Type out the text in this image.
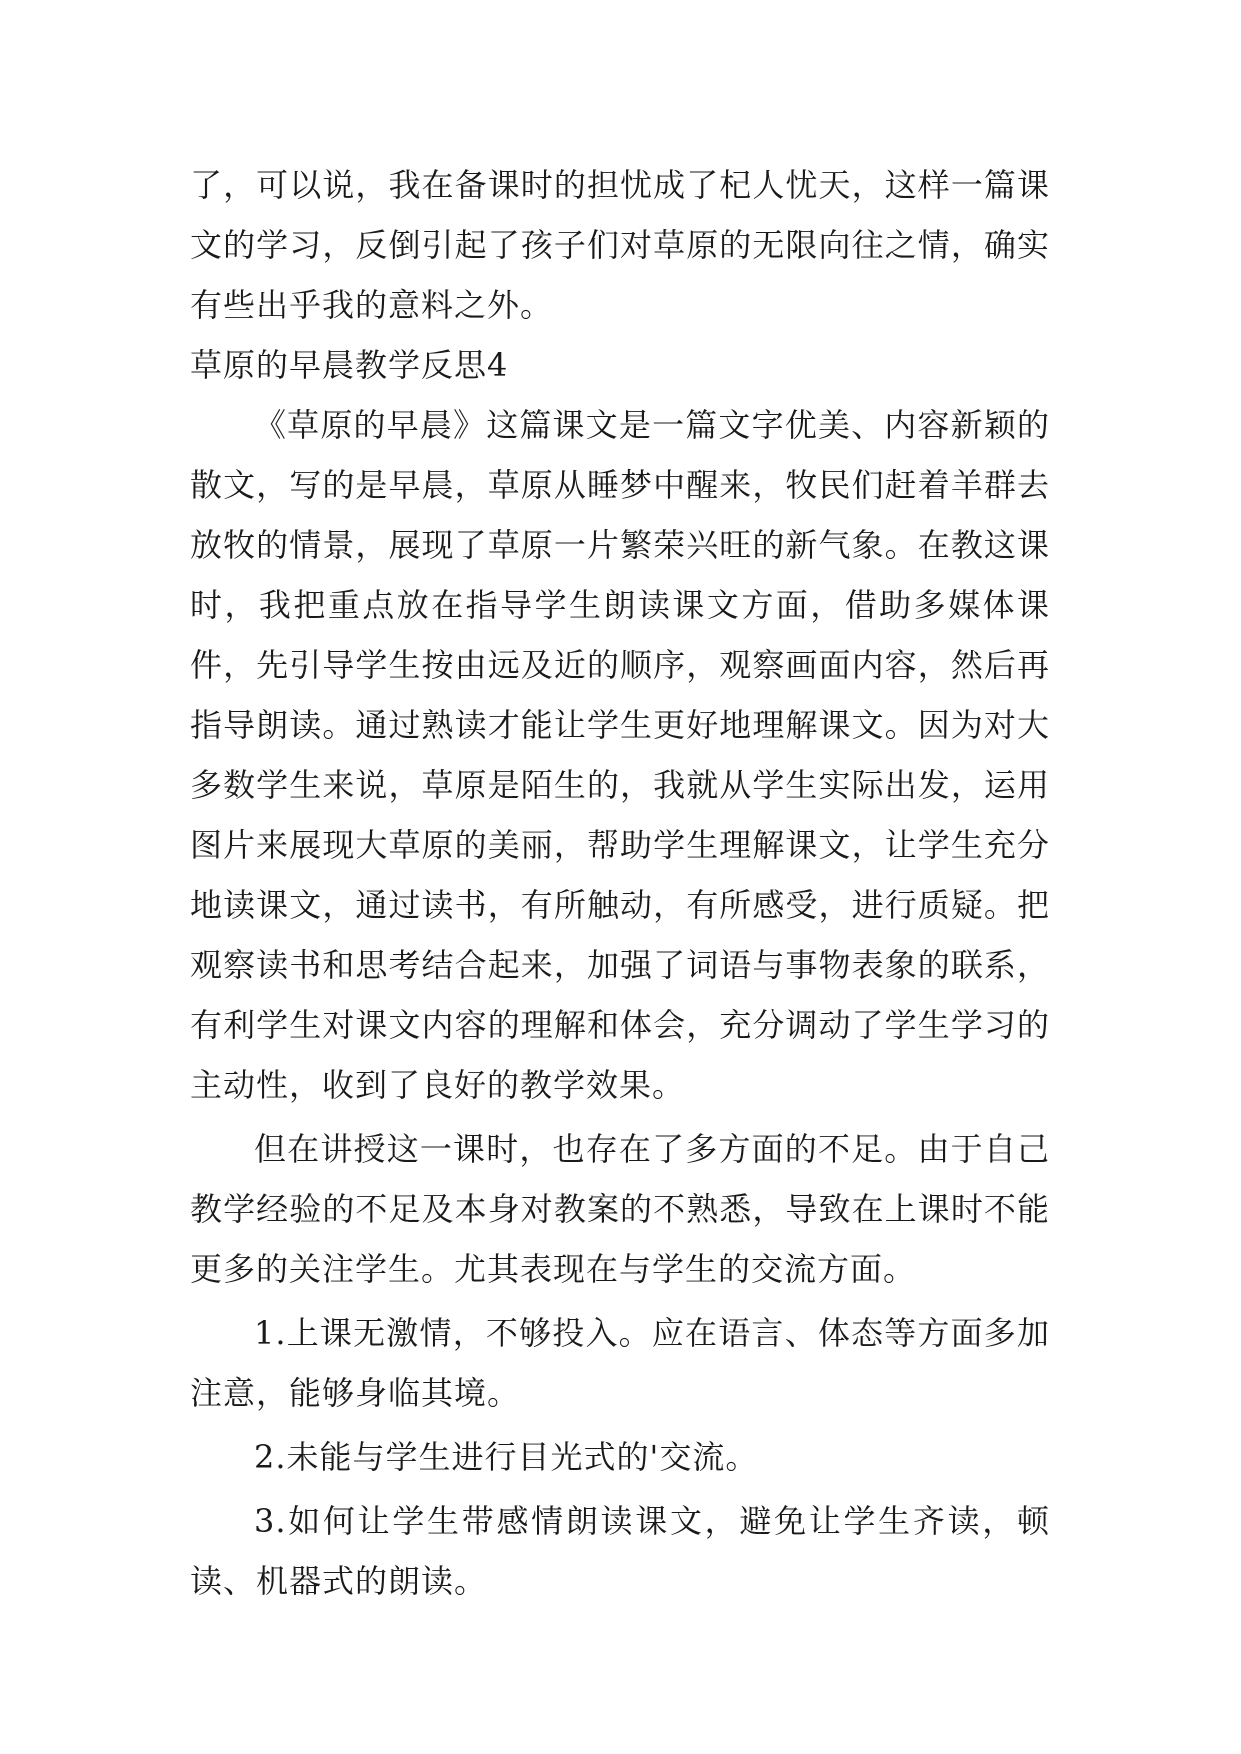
了，可以说，我在备课时的担忧成了杞人忧天，这样一篇课文的学习，反倒引起了孩子们对草原的无限向往之情，确实有些出乎我的意料之外。

草原的早晨教学反思4

《草原的早晨》这篇课文是一篇文字优美、内容新颖的散文，写的是早晨，草原从睡梦中醒来，牧民们赶着羊群去放牧的情景，展现了草原一片繁荣兴旺的新气象。在教这课时，我把重点放在指导学生朗读课文方面，借助多媒体课件，先引导学生按由远及近的顺序，观察画面内容，然后再指导朗读。通过熟读才能让学生更好地理解课文。因为对大多数学生来说，草原是陌生的，我就从学生实际出发，运用图片来展现大草原的美丽，帮助学生理解课文，让学生充分地读课文，通过读书，有所触动，有所感受，进行质疑。把观察读书和思考结合起来，加强了词语与事物表象的联系，有利学生对课文内容的理解和体会，充分调动了学生学习的主动性，收到了良好的教学效果。

但在讲授这一课时，也存在了多方面的不足。由于自己教学经验的不足及本身对教案的不熟悉，导致在上课时不能更多的关注学生。尤其表现在与学生的交流方面。

1.上课无激情，不够投入。应在语言、体态等方面多加注意，能够身临其境。

2.未能与学生进行目光式的'交流。

3.如何让学生带感情朗读课文，避免让学生齐读，顿读、机器式的朗读。
